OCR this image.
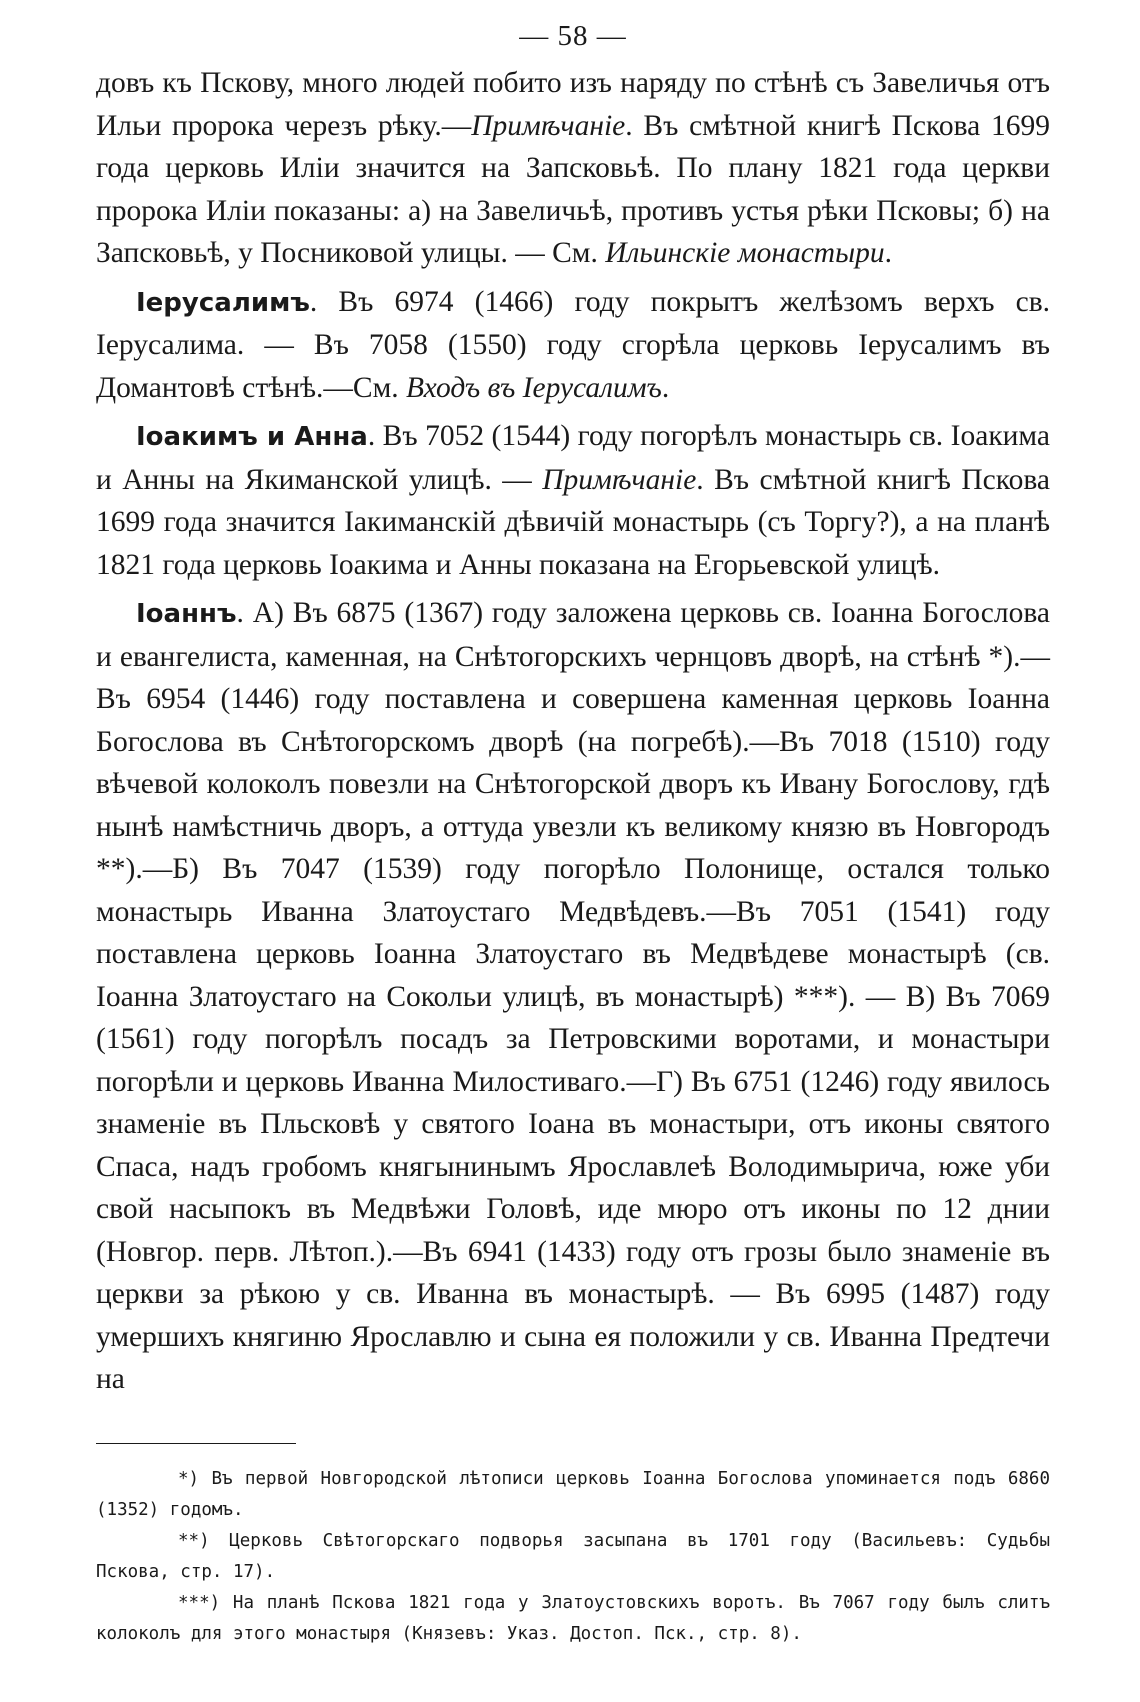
— 58 —

довъ къ Пскову, много людей побито изъ наряду по стѣнѣ съ Завеличья отъ Ильи пророка черезъ рѣку.—Примѣчаніе. Въ смѣтной книгѣ Пскова 1699 года церковь Иліи значится на Запсковьѣ. По плану 1821 года церкви пророка Иліи показаны: а) на Завеличьѣ, противъ устья рѣки Псковы; б) на Запсковьѣ, у Посниковой улицы. — См. Ильинскіе монастыри.

Іерусалимъ. Въ 6974 (1466) году покрытъ желѣзомъ верхъ св. Іерусалима. — Въ 7058 (1550) году сгорѣла церковь Іерусалимъ въ Домантовѣ стѣнѣ.—См. Входъ въ Іерусалимъ.

Іоакимъ и Анна. Въ 7052 (1544) году погорѣлъ монастырь св. Іоакима и Анны на Якиманской улицѣ. — Примѣчаніе. Въ смѣтной книгѣ Пскова 1699 года значится Іакиманскій дѣвичій монастырь (съ Торгу?), а на планѣ 1821 года церковь Іоакима и Анны показана на Егорьевской улицѣ.

Іоаннъ. А) Въ 6875 (1367) году заложена церковь св. Іоанна Богослова и евангелиста, каменная, на Снѣтогорскихъ чернцовъ дворѣ, на стѣнѣ *).—Въ 6954 (1446) году поставлена и совершена каменная церковь Іоанна Богослова въ Снѣтогорскомъ дворѣ (на погребѣ).—Въ 7018 (1510) году вѣчевой колоколъ повезли на Снѣтогорской дворъ къ Ивану Богослову, гдѣ нынѣ намѣстничь дворъ, а оттуда увезли къ великому князю въ Новгородъ **).—Б) Въ 7047 (1539) году погорѣло Полонище, остался только монастырь Иванна Златоустаго Медвѣдевъ.—Въ 7051 (1541) году поставлена церковь Іоанна Златоустаго въ Медвѣдеве монастырѣ (св. Іоанна Златоустаго на Сокольи улицѣ, въ монастырѣ) ***). — В) Въ 7069 (1561) году погорѣлъ посадъ за Петровскими воротами, и монастыри погорѣли и церковь Иванна Милостиваго.—Г) Въ 6751 (1246) году явилось знаменіе въ Пльсковѣ у святого Іоана въ монастыри, отъ иконы святого Спаса, надъ гробомъ княгынинымъ Ярославлеѣ Володимырича, юже уби свой насыпокъ въ Медвѣжи Головѣ, иде мюро отъ иконы по 12 днии (Новгор. перв. Лѣтоп.).—Въ 6941 (1433) году отъ грозы было знаменіе въ церкви за рѣкою у св. Иванна въ монастырѣ. — Въ 6995 (1487) году умершихъ княгиню Ярославлю и сына ея положили у св. Иванна Предтечи на

*) Въ первой Новгородской лѣтописи церковь Іоанна Богослова упоминается подъ 6860 (1352) годомъ.

**) Церковь Свѣтогорскаго подворья засыпана въ 1701 году (Васильевъ: Судьбы Пскова, стр. 17).

***) На планѣ Пскова 1821 года у Златоустовскихъ воротъ. Въ 7067 году былъ слитъ колоколъ для этого монастыря (Князевъ: Указ. Достоп. Пск., стр. 8).
